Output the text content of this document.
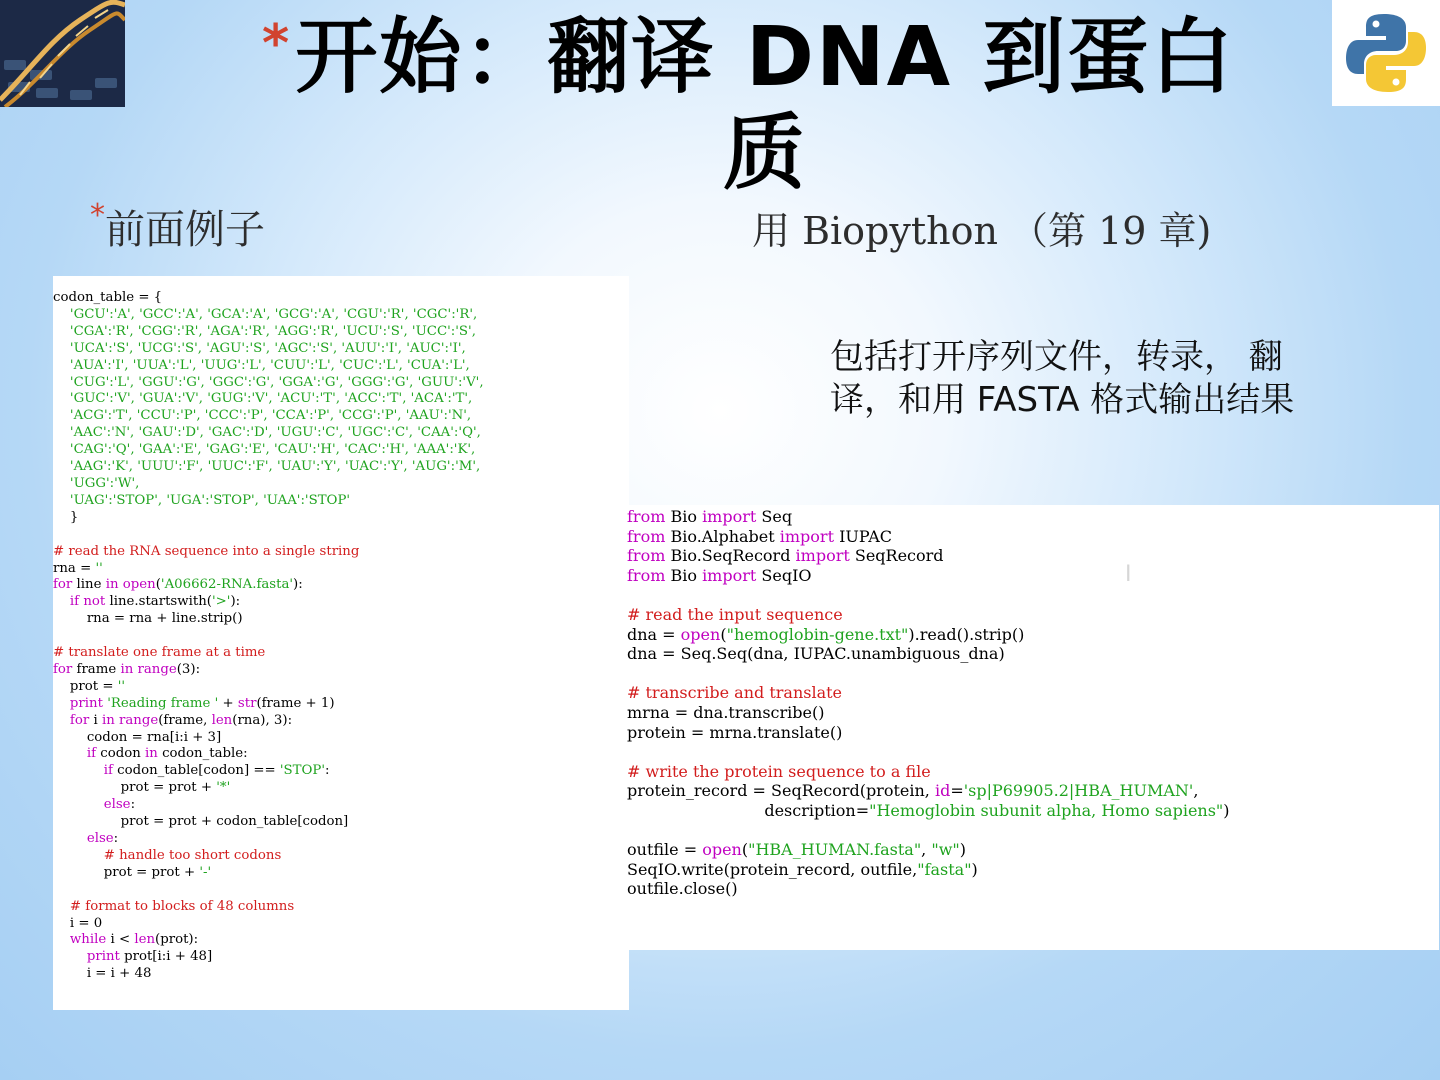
* 开始：翻译 DNA 到蛋白质
*前面例子	用 Biopython （第 19 章)
包括打开序列文件，转录， 翻译，和用 FASTA 格式输出结果
codon_table = {
'GCU':'A', 'GCC':'A', 'GCA':'A', 'GCG':'A', 'CGU':'R', 'CGC':'R',
'CGA':'R', 'CGG':'R', 'AGA':'R', 'AGG':'R', 'UCU':'S', 'UCC':'S',
'UCA':'S', 'UCG':'S', 'AGU':'S', 'AGC':'S', 'AUU':'I', 'AUC':'I',
'AUA':'I', 'UUA':'L', 'UUG':'L', 'CUU':'L', 'CUC':'L', 'CUA':'L',
'CUG':'L', 'GGU':'G', 'GGC':'G', 'GGA':'G', 'GGG':'G', 'GUU':'V',
'GUC':'V', 'GUA':'V', 'GUG':'V', 'ACU':'T', 'ACC':'T', 'ACA':'T',
'ACG':'T', 'CCU':'P', 'CCC':'P', 'CCA':'P', 'CCG':'P', 'AAU':'N',
'AAC':'N', 'GAU':'D', 'GAC':'D', 'UGU':'C', 'UGC':'C', 'CAA':'Q',
'CAG':'Q', 'GAA':'E', 'GAG':'E', 'CAU':'H', 'CAC':'H', 'AAA':'K',
'AAG':'K', 'UUU':'F', 'UUC':'F', 'UAU':'Y', 'UAC':'Y', 'AUG':'M',
'UGG':'W',
'UAG':'STOP', 'UGA':'STOP', 'UAA':'STOP'
}
# read the RNA sequence into a single string
rna = ''
for line in open('A06662-RNA.fasta'):
if not line.startswith('>'):
rna = rna + line.strip()
# translate one frame at a time
for frame in range(3):
prot = ''
print 'Reading frame ' + str(frame + 1)
for i in range(frame, len(rna), 3):
codon = rna[i:i + 3]
if codon in codon_table:
if codon_table[codon] == 'STOP':
prot = prot + '*'
else:
prot = prot + codon_table[codon]
else:
# handle too short codons
prot = prot + '-'
# format to blocks of 48 columns
i = 0
while i < len(prot):
print prot[i:i + 48]
i = i + 48
from Bio import Seq
from Bio.Alphabet import IUPAC
from Bio.SeqRecord import SeqRecord
from Bio import SeqIO
# read the input sequence
dna = open("hemoglobin-gene.txt").read().strip()
dna = Seq.Seq(dna, IUPAC.unambiguous_dna)
# transcribe and translate
mrna = dna.transcribe()
protein = mrna.translate()
# write the protein sequence to a file
protein_record = SeqRecord(protein, id='sp|P69905.2|HBA_HUMAN',
description="Hemoglobin subunit alpha, Homo sapiens")
outfile = open("HBA_HUMAN.fasta", "w")
SeqIO.write(protein_record, outfile,"fasta")
outfile.close()
I
